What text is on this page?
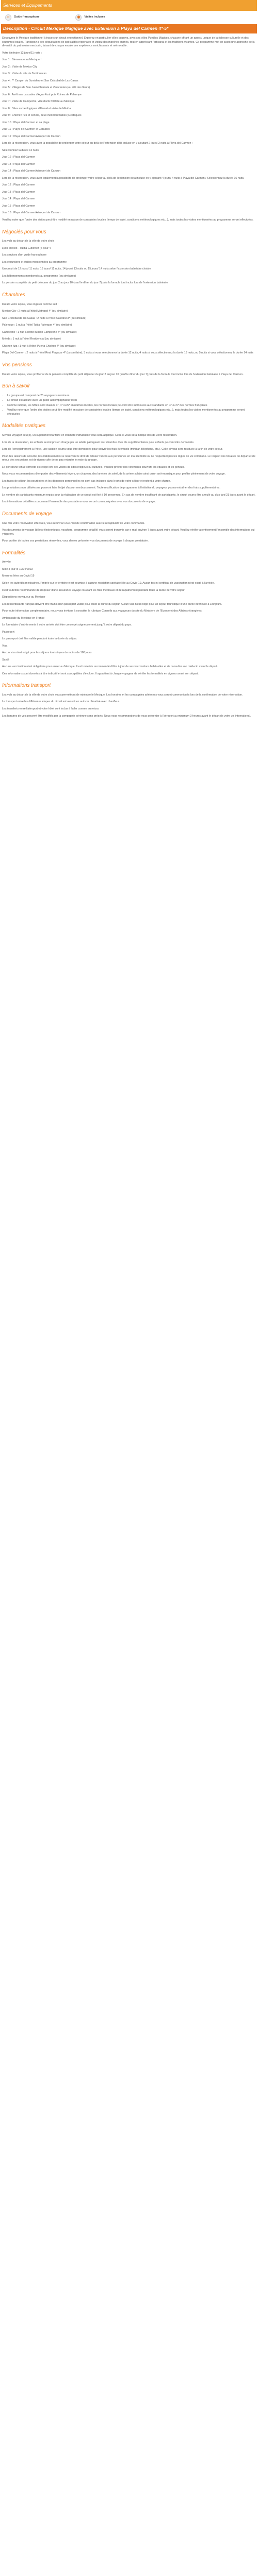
Services et Equipements
☺	Guide francophone	◉	Visites incluses
Description - Circuit Mexique Magique avec Extension à Playa del Carmen 4*-5*

Découvrez le Mexique traditionnel à travers un circuit exceptionnel. Explorez en particulier villes du pays, avec ses villes Pueblos Mágicos, chacune offrant un aperçu unique de la richesse culturelle et des coutumes locales. Participez à des dégustations de spécialités régionales et visitez des marchés animés, tout en appréciant l'artisanat et les traditions vivantes. Ce programme met en avant une approche de la diversité du patrimoine mexicain, faisant de chaque escale une expérience enrichissante et mémorable.

Votre itinéraire 12 jours/11 nuits :

Jour 1 : Bienvenue au Mexique !

Jour 2 : Visite de Mexico City

Jour 3 : Visite du site de Teotihuacan

Jour 4 : ** Canyon du Sumidero et San Cristobal de Las Casas

Jour 5 : Villages de San Juan Chamula et Zinacantan (ou cité des fleurs)

Jour 6 : Arrêt aux cascades d'Agua Azul puis Ruines de Palenque

Jour 7 : Visite de Campeche, ville d'arts fortifiée au Mexique

Jour 8 : Sites archéologiques d'Uxmal et visite de Mérida

Jour 9 : Chichen Itza et cenote, deux incontournables yucatèques

Jour 10 : Playa del Carmen et sa plage

Jour 11 : Playa del Carmen et Caraïbes

Jour 12 : Playa del Carmen/Aéroport de Cancun

Lors de la réservation, vous avez la possibilité de prolonger votre séjour au-delà de l'extension déjà incluse en y ajoutant 2 jours/ 2 nuits à Playa del Carmen :

Sélectionnez la durée 12 nuits.

Jour 12 : Playa del Carmen

Jour 13 : Playa del Carmen

Jour 14 : Playa del Carmen/Aéroport de Cancun

Lors de la réservation, vous avez également la possibilité de prolonger votre séjour au-delà de l'extension déjà incluse en y ajoutant 4 jours/ 4 nuits à Playa del Carmen / Sélectionnez la durée 16 nuits.

Jour 12 : Playa del Carmen

Jour 13 : Playa del Carmen

Jour 14 : Playa del Carmen

Jour 15 : Playa del Carmen

Jour 16 : Playa del Carmen/Aéroport de Cancun

Veuillez noter que l'ordre des visites peut être modifié en raison de contraintes locales (temps de trajet, conditions météorologiques etc...), mais toutes les visites mentionnées au programme seront effectuées.

Négociés pour vous

Les vols au départ de la ville de votre choix

Lyon Mexico - Tuxtla Gutiérrez (à pour 4

Les services d'un guide francophone

Les excursions et visites mentionnées au programme

Un circuit de 12 jours/ 11 nuits, 13 jours/ 12 nuits, 14 jours/ 13 nuits ou 15 jours/ 14 nuits selon l'extension balnéaire choisie

Les hébergements mentionnés au programme (ou similaires)

La pension complète du petit déjeuner du jour 2 au jour 10 (sauf le dîner du jour 7) puis la formule tout inclus lors de l'extension balnéaire

Chambres

Durant votre séjour, vous logerez comme suit :

Mexico City : 2 nuits à l'hôtel Metropol 4* (ou similaire)

San Cristobal de las Casas : 2 nuits à l'hôtel Catedral 3* (ou similaire)

Palenque : 1 nuit à l'hôtel Tulija Palenque 4* (ou similaire)

Campeche : 1 nuit à l'hôtel Misión Campeche 4* (ou similaire)

Mérida : 1 nuit à l'hôtel Residencial (ou similaire)

Chichen Itza : 1 nuit à l'hôtel Puerta Chichen 4* (ou similaire)

Playa Del Carmen : 2 nuits à l'hôtel Real Playacar 4* (ou similaire), 3 nuits si vous sélectionnez la durée 12 nuits, 4 nuits si vous sélectionnez la durée 13 nuits, ou 5 nuits si vous sélectionnez la durée 14 nuits

Vos pensions

Durant votre séjour, vous profiterez de la pension complète du petit déjeuner du jour 2 au jour 10 (sauf le dîner du jour 7) puis de la formule tout inclus lors de l'extension balnéaire à Playa del Carmen.

Bon à savoir
• Le groupe est composé de 25 voyageurs maximum
• Le circuit est assuré avec un guide accompagnateur local
• Comme indiqué, les hôtels sont classés 3*, 4* ou 5* en normes locales, les normes locales peuvent être inférieures aux standards 3*, 4* ou 5* des normes françaises
• Veuillez noter que l'ordre des visites peut être modifié en raison de contraintes locales (temps de trajet, conditions météorologiques etc...), mais toutes les visites mentionnées au programme seront effectuées
Modalités pratiques

Si vous voyagez seul(e), un supplément tarifaire en chambre individuelle vous sera appliqué. Celui-ci vous sera indiqué lors de votre réservation.

Lors de la réservation, les enfants seront pris en charge par un adulte partageant leur chambre. Des lits supplémentaires pour enfants peuvent être demandés.

Lors de l'enregistrement à l'hôtel, une caution pourra vous être demandée pour couvrir les frais éventuels (minibar, téléphone, etc.). Celle-ci vous sera restituée à la fin de votre séjour.

Pour des raisons de sécurité, les établissements se réservent le droit de refuser l'accès aux personnes en état d'ébriété ou ne respectant pas les règles de vie commune. Le respect des horaires de départ et de retour des excursions est de rigueur afin de ne pas retarder le reste du groupe.

Le port d'une tenue correcte est exigé lors des visites de sites religieux ou culturels. Veuillez prévoir des vêtements couvrant les épaules et les genoux.

Nous vous recommandons d'emporter des vêtements légers, un chapeau, des lunettes de soleil, de la crème solaire ainsi qu'un anti-moustique pour profiter pleinement de votre voyage.

Les taxes de séjour, les pourboires et les dépenses personnelles ne sont pas incluses dans le prix de votre séjour et restent à votre charge.

Les prestations non utilisées ne pourront faire l'objet d'aucun remboursement. Toute modification de programme à l'initiative du voyageur pourra entraîner des frais supplémentaires.

Le nombre de participants minimum requis pour la réalisation de ce circuit est fixé à 10 personnes. En cas de nombre insuffisant de participants, le circuit pourra être annulé au plus tard 21 jours avant le départ.

Les informations détaillées concernant l'ensemble des prestations vous seront communiquées avec vos documents de voyage.

Documents de voyage

Une fois votre réservation effectuée, vous recevrez un e-mail de confirmation avec le récapitulatif de votre commande.

Vos documents de voyage (billets électroniques, vouchers, programme détaillé) vous seront transmis par e-mail environ 7 jours avant votre départ. Veuillez vérifier attentivement l'ensemble des informations qui y figurent.

Pour profiter de toutes vos prestations réservées, vous devrez présenter vos documents de voyage à chaque prestataire.

Formalités

Arrivée

Mise à jour le 19/04/2023

Mesures liées au Covid 19

Selon les autorités mexicaines, l'entrée sur le territoire n'est soumise à aucune restriction sanitaire liée au Covid-19. Aucun test ni certificat de vaccination n'est exigé à l'arrivée.

Il est toutefois recommandé de disposer d'une assurance voyage couvrant les frais médicaux et de rapatriement pendant toute la durée de votre séjour.

Dispositions en vigueur au Mexique

Les ressortissants français doivent être munis d'un passeport valide pour toute la durée du séjour. Aucun visa n'est exigé pour un séjour touristique d'une durée inférieure à 180 jours.

Pour toute information complémentaire, nous vous invitons à consulter la rubrique Conseils aux voyageurs du site du Ministère de l'Europe et des Affaires étrangères.

Ambassade du Mexique en France

Le formulaire d'entrée remis à votre arrivée doit être conservé soigneusement jusqu'à votre départ du pays.

Passeport

Le passeport doit être valide pendant toute la durée du séjour.

Visa

Aucun visa n'est exigé pour les séjours touristiques de moins de 180 jours.

Santé

Aucune vaccination n'est obligatoire pour entrer au Mexique. Il est toutefois recommandé d'être à jour de ses vaccinations habituelles et de consulter son médecin avant le départ.

Ces informations sont données à titre indicatif et sont susceptibles d'évoluer. Il appartient à chaque voyageur de vérifier les formalités en vigueur avant son départ.

Informations transport

Les vols au départ de la ville de votre choix vous permettront de rejoindre le Mexique. Les horaires et les compagnies aériennes vous seront communiqués lors de la confirmation de votre réservation.

Le transport entre les différentes étapes du circuit est assuré en autocar climatisé avec chauffeur.

Les transferts entre l'aéroport et votre hôtel sont inclus à l'aller comme au retour.

Les horaires de vols peuvent être modifiés par la compagnie aérienne sans préavis. Nous vous recommandons de vous présenter à l'aéroport au minimum 3 heures avant le départ de votre vol international.
